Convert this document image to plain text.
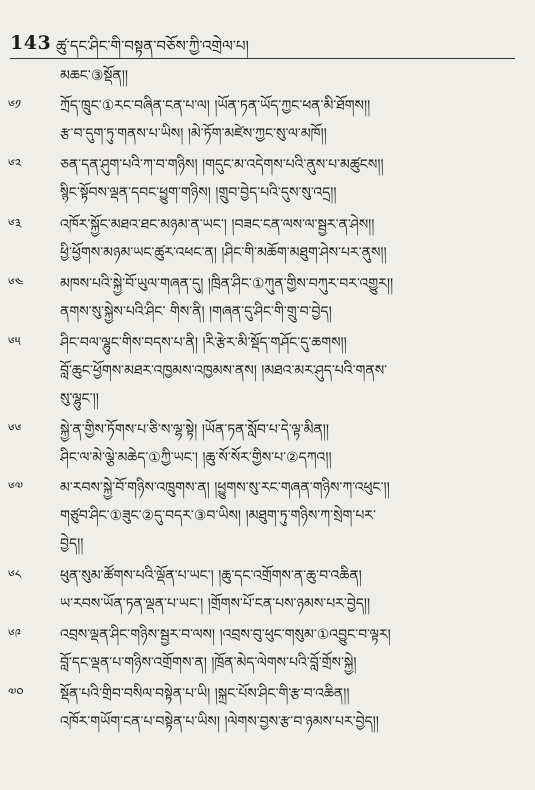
143 ཚུ་དང་ཤིང་གི་བསྟན་བཅོས་ཀྱི་འགྲེལ་པ།
མཆང་③སྡོན།།
༦༡	ཀྲོད་ཁྲུང་①རང་བཞིན་ངན་པ་ལ། །ཡོན་ཏན་ཡོད་ཀྱང་ཕན་མི་ཐོགས།།
རྩ་བ་དུག་ཏུ་གནས་པ་ཡིས། །མེ་ཏོག་མཛེས་ཀྱང་སུ་ལ་མཁོ།།
༦༢	ཅན་དན་ཤུག་པའི་ཀ་བ་གཉིས། །གདུང་མ་འདེགས་པའི་ནུས་པ་མཚུངས།།
སྙིང་སྟོབས་ལྡན་དབང་ཕྱུག་གཉིས། །གྲུབ་བྱེད་པའི་དུས་སུ་འདྲ།།
༦༣	འཁོར་སྐྱོང་མཐའ་ཐང་མཉམ་ན་ཡང་། །བཟང་ངན་ལས་ལ་སྦྱར་ན་ཤེས།།
ཕྱི་ཕྱོགས་མཉམ་ཡང་ཚུར་འཕང་ན། །ཤིང་གི་མཆོག་མཐུག་ཤེས་པར་ནུས།།
༦༤	མཁས་པའི་སྐྱེ་བོ་ཡུལ་གཞན་དུ། །ཁྲིན་ཤིང་①ཀུན་གྱིས་བཀུར་བར་འགྱུར།།
ནགས་སུ་སྐྱེས་པའི་ཤིང་ གིས་ནི། །གཞན་དུ་ཤིང་གི་གྲུ་བ་བྱེད།
༦༥	ཤིང་བལ་ལྷུང་གིས་བདས་པ་ནི། །རི་རྩེར་མི་སྡོད་གཤོང་དུ་ཆགས།།
བློ་ཆུང་ཕྱོགས་མཐར་འཁྱམས་འཁྱམས་ནས། །མཐའ་མར་ཤུད་པའི་གནས་
སུ་ལྷུང་།།
༦༦	སྐྱེ་ན་གྱིས་ཏོགས་པ་ཅི་ས་ལྷ་སྟེ། །ཡོན་ཏན་སློབ་པ་དེ་ལྟ་མིན།།
ཤིང་ལ་མེ་ལྕེ་མཆེད་①ཀྱི་ཡང་། །ཆུ་སོ་སོར་གྱིས་པ་②དཀའ།།
༦༧	མ་རབས་སྐྱེ་བོ་གཉིས་འཁྲུགས་ན། །ཕྱུགས་སུ་རང་གཞན་གཉིས་ཀ་འཕུང་།།
གཙུབ་ཤིང་①ཟུང་②དུ་བདར་③བ་ཡིས། །མཐུག་ཏུ་གཉིས་ཀ་སྲེག་པར་
བྱེད།།
༦༨	ཕུན་སུམ་ཚོགས་པའི་ལྡོན་པ་ཡང་། །ཆུ་དང་འགྲོགས་ན་ཆུ་བ་འཆིན།
ཡ་རབས་ཡོན་ཏན་ལྡན་པ་ཡང་། །གྲོགས་པོ་ངན་པས་ཉམས་པར་བྱེད།།
༦༩	འབྲས་ལྡན་ཤིང་གཉིས་སྦྱར་བ་ལས། །འབྲས་བུ་ཕུང་གསུམ་①འབྱུང་བ་ལྟར།
བློ་དང་ལྡན་པ་གཉིས་འགྲོགས་ན། །ཁྲོན་མེད་ལེགས་པའི་བློ་གྲོས་སྐྱེ།
༧༠	སྡོན་པའི་གྲིབ་བསིལ་བསྟེན་པ་ཡི། །སྐྲང་པོས་ཤིང་གི་རྩ་བ་འཆིན།།
འཁོར་གཡོག་ངན་པ་བསྟེན་པ་ཡིས། །ལེགས་བྱས་རྩ་བ་ཉམས་པར་བྱེད།།
